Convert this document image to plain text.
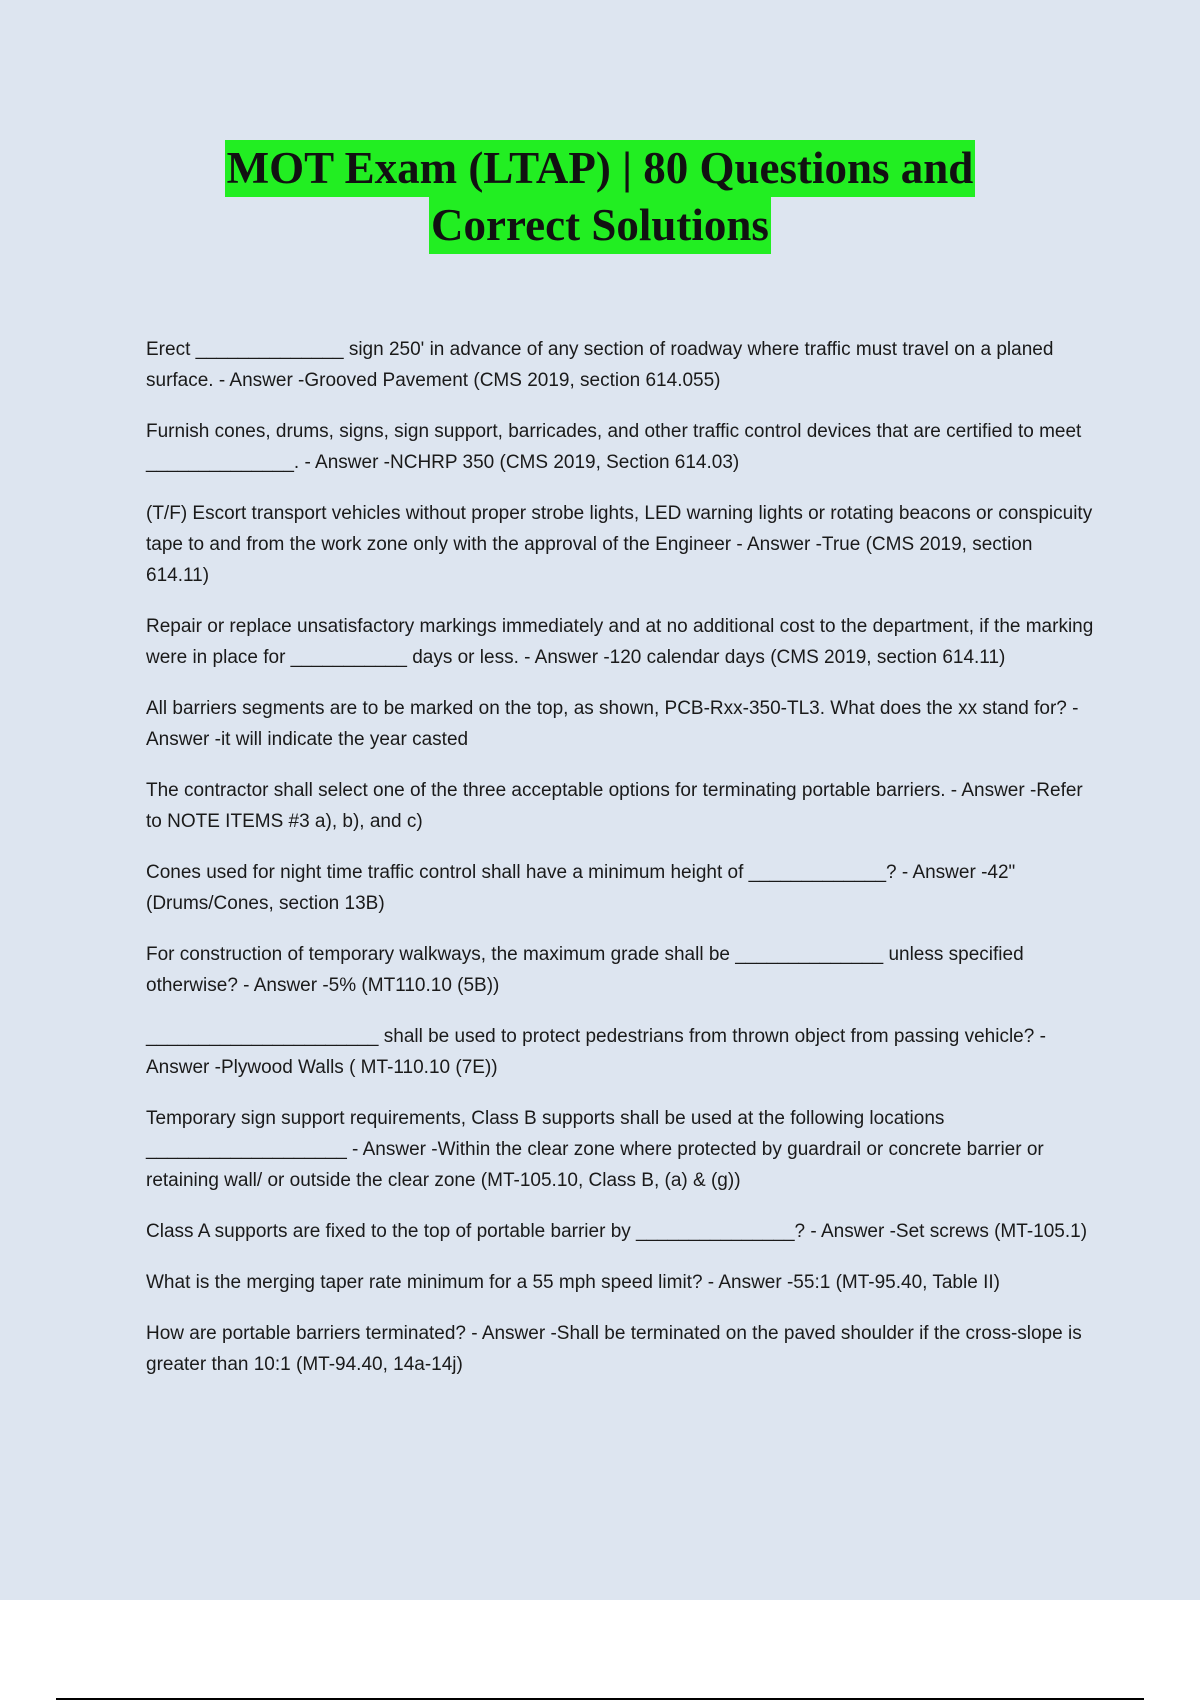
MOT Exam (LTAP) | 80 Questions and
Correct Solutions

Erect ______________ sign 250' in advance of any section of roadway where traffic must travel on a planed surface. - Answer -Grooved Pavement (CMS 2019, section 614.055)

Furnish cones, drums, signs, sign support, barricades, and other traffic control devices that are certified to meet ______________. - Answer -NCHRP 350 (CMS 2019, Section 614.03)

(T/F) Escort transport vehicles without proper strobe lights, LED warning lights or rotating beacons or conspicuity tape to and from the work zone only with the approval of the Engineer - Answer -True (CMS 2019, section 614.11)

Repair or replace unsatisfactory markings immediately and at no additional cost to the department, if the marking were in place for ___________ days or less. - Answer -120 calendar days (CMS 2019, section 614.11)

All barriers segments are to be marked on the top, as shown, PCB-Rxx-350-TL3. What does the xx stand for? - Answer -it will indicate the year casted

The contractor shall select one of the three acceptable options for terminating portable barriers. - Answer -Refer to NOTE ITEMS #3 a), b), and c)

Cones used for night time traffic control shall have a minimum height of _____________? - Answer -42" (Drums/Cones, section 13B)

For construction of temporary walkways, the maximum grade shall be ______________ unless specified otherwise? - Answer -5% (MT110.10 (5B))

______________________ shall be used to protect pedestrians from thrown object from passing vehicle? - Answer -Plywood Walls ( MT-110.10 (7E))

Temporary sign support requirements, Class B supports shall be used at the following locations ___________________ - Answer -Within the clear zone where protected by guardrail or concrete barrier or retaining wall/ or outside the clear zone (MT-105.10, Class B, (a) & (g))

Class A supports are fixed to the top of portable barrier by _______________? - Answer -Set screws (MT-105.1)

What is the merging taper rate minimum for a 55 mph speed limit? - Answer -55:1 (MT-95.40, Table II)

How are portable barriers terminated? - Answer -Shall be terminated on the paved shoulder if the cross-slope is greater than 10:1 (MT-94.40, 14a-14j)
